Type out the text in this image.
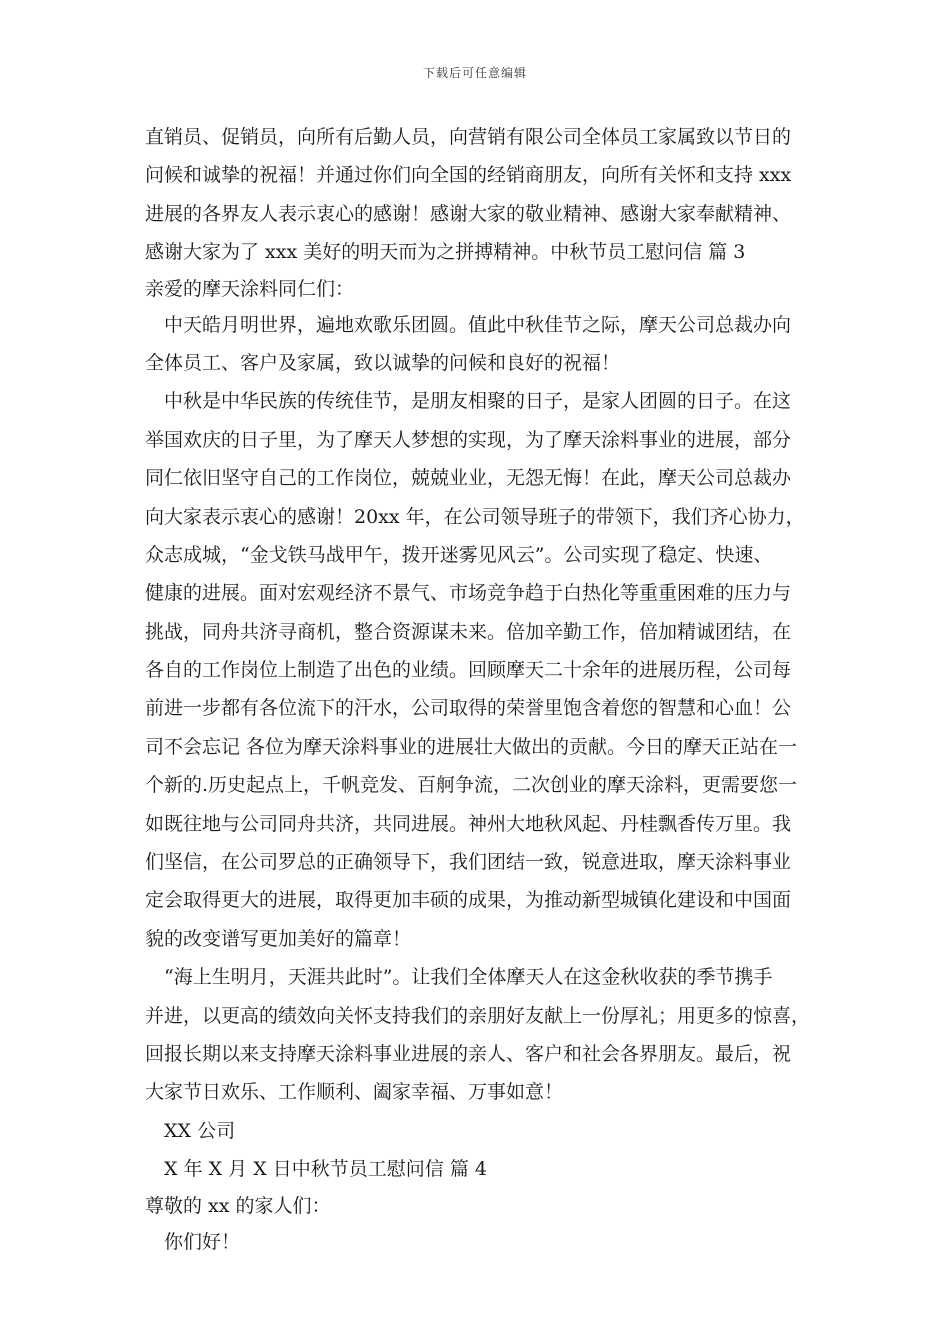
下载后可任意编辑
直销员、促销员，向所有后勤人员，向营销有限公司全体员工家属致以节日的
问候和诚挚的祝福！并通过你们向全国的经销商朋友，向所有关怀和支持 xxx
进展的各界友人表示衷心的感谢！感谢大家的敬业精神、感谢大家奉献精神、
感谢大家为了 xxx 美好的明天而为之拼搏精神。中秋节员工慰问信 篇 3
亲爱的摩天涂料同仁们：
中天皓月明世界，遍地欢歌乐团圆。值此中秋佳节之际，摩天公司总裁办向
全体员工、客户及家属，致以诚挚的问候和良好的祝福！
中秋是中华民族的传统佳节，是朋友相聚的日子，是家人团圆的日子。在这
举国欢庆的日子里，为了摩天人梦想的实现，为了摩天涂料事业的进展，部分
同仁依旧坚守自己的工作岗位，兢兢业业，无怨无悔！在此，摩天公司总裁办
向大家表示衷心的感谢！20xx 年，在公司领导班子的带领下，我们齐心协力，
众志成城，“金戈铁马战甲午，拨开迷雾见风云”。公司实现了稳定、快速、
健康的进展。面对宏观经济不景气、市场竞争趋于白热化等重重困难的压力与
挑战，同舟共济寻商机，整合资源谋未来。倍加辛勤工作，倍加精诚团结，在
各自的工作岗位上制造了出色的业绩。回顾摩天二十余年的进展历程，公司每
前进一步都有各位流下的汗水，公司取得的荣誉里饱含着您的智慧和心血！公
司不会忘记 各位为摩天涂料事业的进展壮大做出的贡献。今日的摩天正站在一
个新的.历史起点上，千帆竞发、百舸争流，二次创业的摩天涂料，更需要您一
如既往地与公司同舟共济，共同进展。神州大地秋风起、丹桂飘香传万里。我
们坚信，在公司罗总的正确领导下，我们团结一致，锐意进取，摩天涂料事业
定会取得更大的进展，取得更加丰硕的成果，为推动新型城镇化建设和中国面
貌的改变谱写更加美好的篇章！
“海上生明月，天涯共此时”。让我们全体摩天人在这金秋收获的季节携手
并进，以更高的绩效向关怀支持我们的亲朋好友献上一份厚礼；用更多的惊喜，
回报长期以来支持摩天涂料事业进展的亲人、客户和社会各界朋友。最后，祝
大家节日欢乐、工作顺利、阖家幸福、万事如意！
XX 公司
X 年 X 月 X 日中秋节员工慰问信 篇 4
尊敬的 xx 的家人们：
你们好！
